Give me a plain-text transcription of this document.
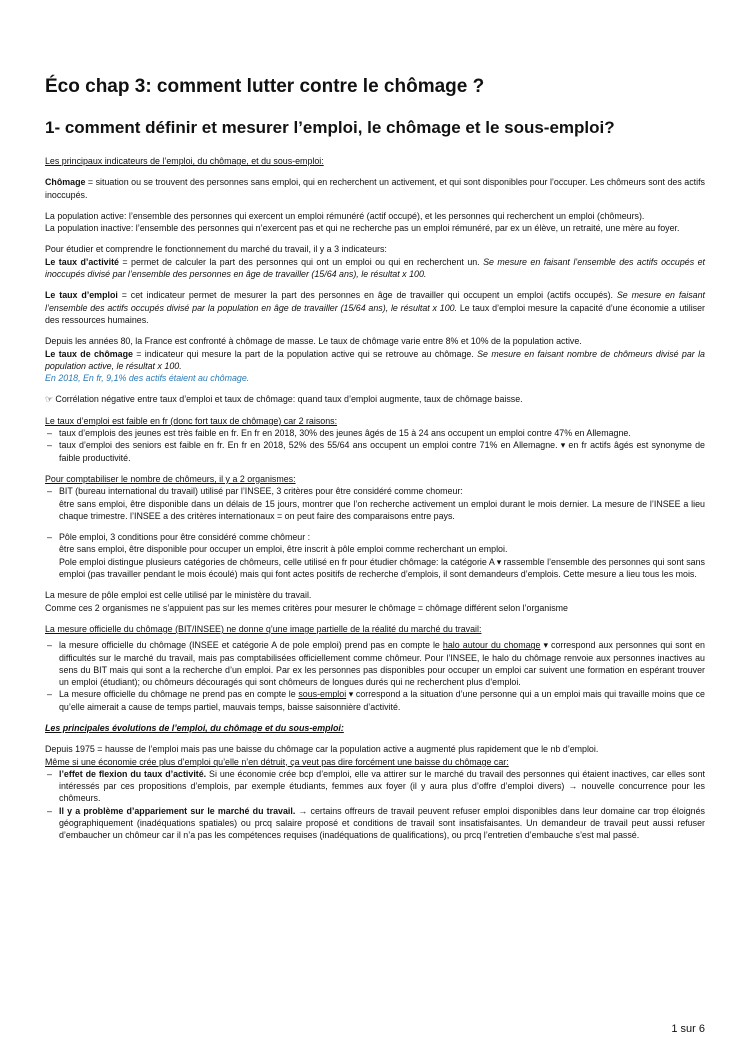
Éco chap 3: comment lutter contre le chômage ?
1- comment définir et mesurer l’emploi, le chômage et le sous-emploi?

Les principaux indicateurs de l’emploi, du chômage, et du sous-emploi:

Chômage = situation ou se trouvent des personnes sans emploi, qui en recherchent un activement, et qui sont disponibles pour l’occuper. Les chômeurs sont des actifs inoccupés.

La population active: l’ensemble des personnes qui exercent un emploi rémunéré (actif occupé), et les personnes qui recherchent un emploi (chômeurs).

La population inactive: l’ensemble des personnes qui n’exercent pas et qui ne recherche pas un emploi rémunéré, par ex un élève, un retraité, une mère au foyer.

Pour étudier et comprendre le fonctionnement du marché du travail, il y a 3 indicateurs:

Le taux d’activité = permet de calculer la part des personnes qui ont un emploi ou qui en recherchent un. Se mesure en faisant l’ensemble des actifs occupés et inoccupés divisé par l’ensemble des personnes en âge de travailler (15/64 ans), le résultat x 100.

Le taux d’emploi = cet indicateur permet de mesurer la part des personnes en âge de travailler qui occupent un emploi (actifs occupés). Se mesure en faisant l’ensemble des actifs occupés divisé par la population en âge de travailler (15/64 ans), le résultat x 100. Le taux d’emploi mesure la capacité d’une économie a utiliser des ressources humaines.

Depuis les années 80, la France est confronté à chômage de masse. Le taux de chômage varie entre 8% et 10% de la population active.

Le taux de chômage = indicateur qui mesure la part de la population active qui se retrouve au chômage. Se mesure en faisant nombre de chômeurs divisé par la population active, le résultat x 100.

En 2018, En fr, 9,1% des actifs étaient au chômage.

☞ Corrélation négative entre taux d’emploi et taux de chômage: quand taux d’emploi augmente, taux de chômage baisse.

Le taux d’emploi est faible en fr (donc fort taux de chômage) car 2 raisons:

– taux d’emplois des jeunes est très faible en fr. En fr en 2018, 30% des jeunes âgés de 15 à 24 ans occupent un emploi contre 47% en Allemagne.
– taux d’emploi des seniors est faible en fr. En fr en 2018, 52% des 55/64 ans occupent un emploi contre 71% en Allemagne. ▾ en fr actifs âgés est synonyme de faible productivité.

Pour comptabiliser le nombre de chômeurs, il y a 2 organismes:

– BIT (bureau international du travail) utilisé par l’INSEE, 3 critères pour être considéré comme chomeur:
être sans emploi, être disponible dans un délais de 15 jours, montrer que l’on recherche activement un emploi durant le mois dernier. La mesure de l’INSEE a lieu chaque trimestre. l’INSEE a des critères internationaux = on peut faire des comparaisons entre pays.
– Pôle emploi, 3 conditions pour être considéré comme chômeur :
être sans emploi, être disponible pour occuper un emploi, être inscrit à pôle emploi comme recherchant un emploi.
Pole emploi distingue plusieurs catégories de chômeurs, celle utilisé en fr pour étudier chômage: la catégorie A ▾ rassemble l’ensemble des personnes qui sont sans emploi (pas travailler pendant le mois écoulé) mais qui font actes positifs de recherche d’emplois, il sont demandeurs d’emplois. Cette mesure a lieu tous les mois.

La mesure de pôle emploi est celle utilisé par le ministère du travail.

Comme ces 2 organismes ne s’appuient pas sur les memes critères pour mesurer le chômage = chômage différent selon l’organisme

La mesure officielle du chômage (BIT/INSEE) ne donne q’une image partielle de la réalité du marché du travail:

– la mesure officielle du chômage (INSEE et catégorie A de pole emploi) prend pas en compte le halo autour du chomage ▾ correspond aux personnes qui sont en difficultés sur le marché du travail, mais pas comptabilisées officiellement comme chômeur. Pour l’INSEE, le halo du chômage renvoie aux personnes inactives au sens du BIT mais qui sont a la recherche d’un emploi. Par ex les personnes pas disponibles pour occuper un emploi car suivent une formation en espérant trouver un emploi (étudiant); ou chômeurs découragés qui sont chômeurs de longues durés qui ne recherchent plus d’emploi.
– La mesure officielle du chômage ne prend pas en compte le sous-emploi ▾ correspond a la situation d’une personne qui a un emploi mais qui travaille moins que ce qu’elle aimerait a cause de temps partiel, mauvais temps, baisse saisonnière d’activité.

Les principales évolutions de l’emploi, du chômage et du sous-emploi:

Depuis 1975 = hausse de l’emploi mais pas une baisse du chômage car la population active a augmenté plus rapidement que le nb d’emploi.

Même si une économie crée plus d’emploi qu’elle n’en détruit, ça veut pas dire forcément une baisse du chômage car:

– l’effet de flexion du taux d’activité. Si une économie crée bcp d’emploi, elle va attirer sur le marché du travail des personnes qui étaient inactives, car elles sont intéressés par ces propositions d’emplois, par exemple étudiants, femmes aux foyer (il y aura plus d’offre d’emploi divers) → nouvelle concurrence pour les chômeurs.
– Il y a problème d’appariement sur le marché du travail. → certains offreurs de travail peuvent refuser emploi disponibles dans leur domaine car trop éloignés géographiquement (inadéquations spatiales) ou prcq salaire proposé et conditions de travail sont insatisfaisantes. Un demandeur de travail peut aussi refuser d’embaucher un chômeur car il n’a pas les compétences requises (inadéquations de qualifications), ou prcq l’entretien d’embauche s’est mal passé.
1 sur 6
